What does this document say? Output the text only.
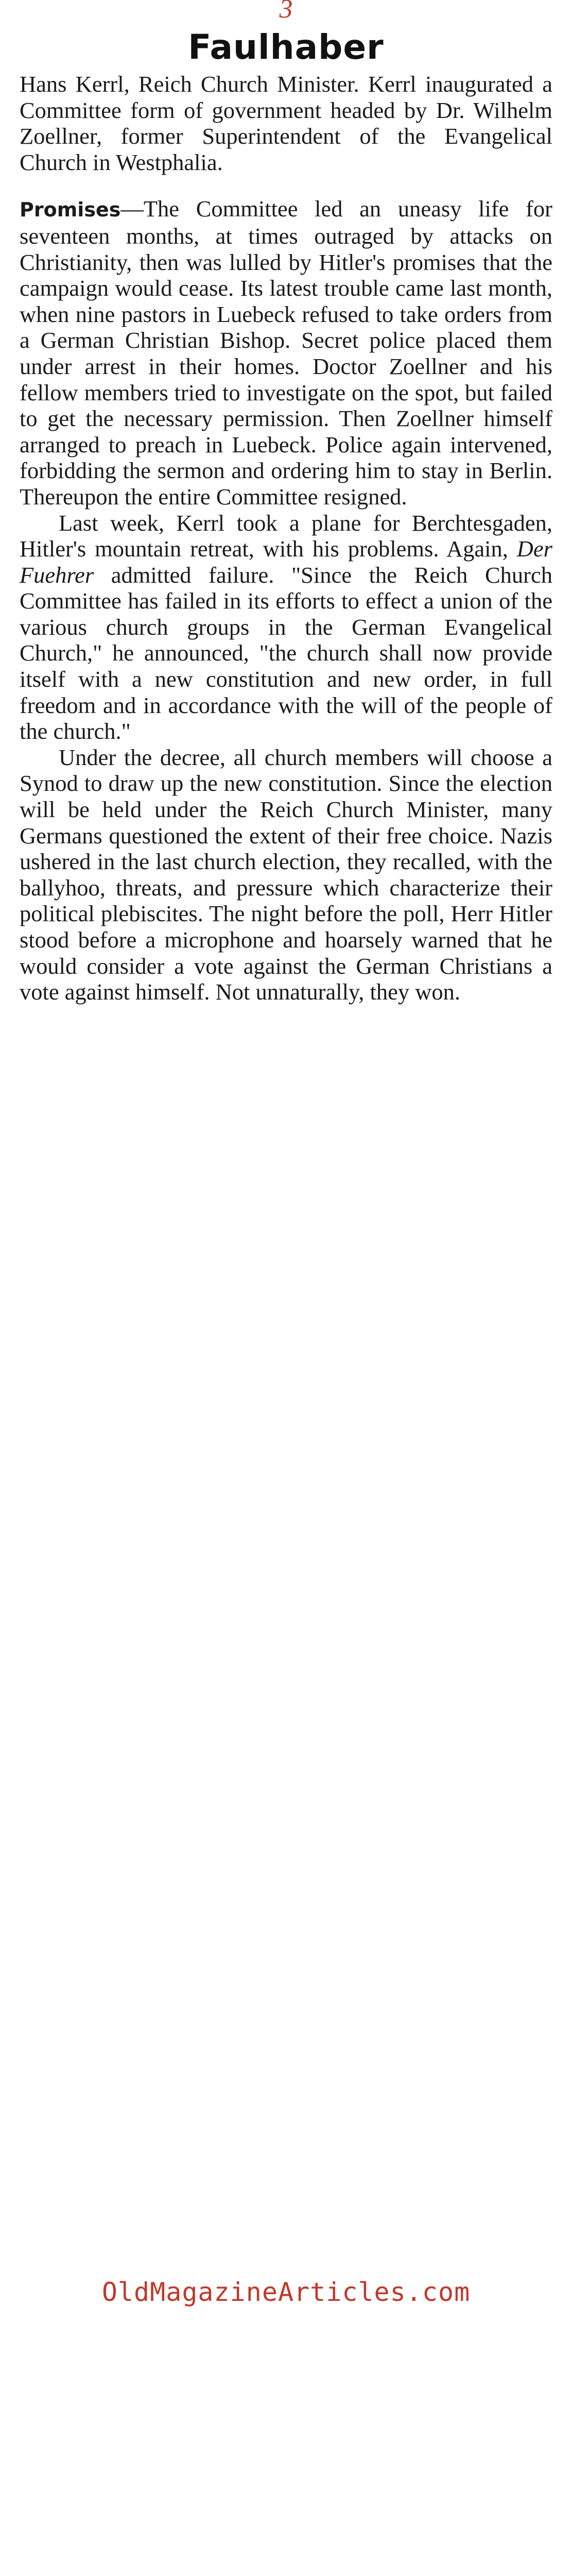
3
Faulhaber

Hans Kerrl, Reich Church Minister. Kerrl inaugurated a Committee form of government headed by Dr. Wilhelm Zoellner, former Superintendent of the Evangelical Church in Westphalia.

Promises—The Committee led an uneasy life for seventeen months, at times outraged by attacks on Christianity, then was lulled by Hitler's promises that the campaign would cease. Its latest trouble came last month, when nine pastors in Luebeck refused to take orders from a German Christian Bishop. Secret police placed them under arrest in their homes. Doctor Zoellner and his fellow members tried to investigate on the spot, but failed to get the necessary permission. Then Zoellner himself arranged to preach in Luebeck. Police again intervened, forbidding the sermon and ordering him to stay in Berlin. Thereupon the entire Committee resigned.

Last week, Kerrl took a plane for Berchtesgaden, Hitler's mountain retreat, with his problems. Again, Der Fuehrer admitted failure. "Since the Reich Church Committee has failed in its efforts to effect a union of the various church groups in the German Evangelical Church," he announced, "the church shall now provide itself with a new constitution and new order, in full freedom and in accordance with the will of the people of the church."

Under the decree, all church members will choose a Synod to draw up the new constitution. Since the election will be held under the Reich Church Minister, many Germans questioned the extent of their free choice. Nazis ushered in the last church election, they recalled, with the ballyhoo, threats, and pressure which characterize their political plebiscites. The night before the poll, Herr Hitler stood before a microphone and hoarsely warned that he would consider a vote against the German Christians a vote against himself. Not unnaturally, they won.

OldMagazineArticles.com
